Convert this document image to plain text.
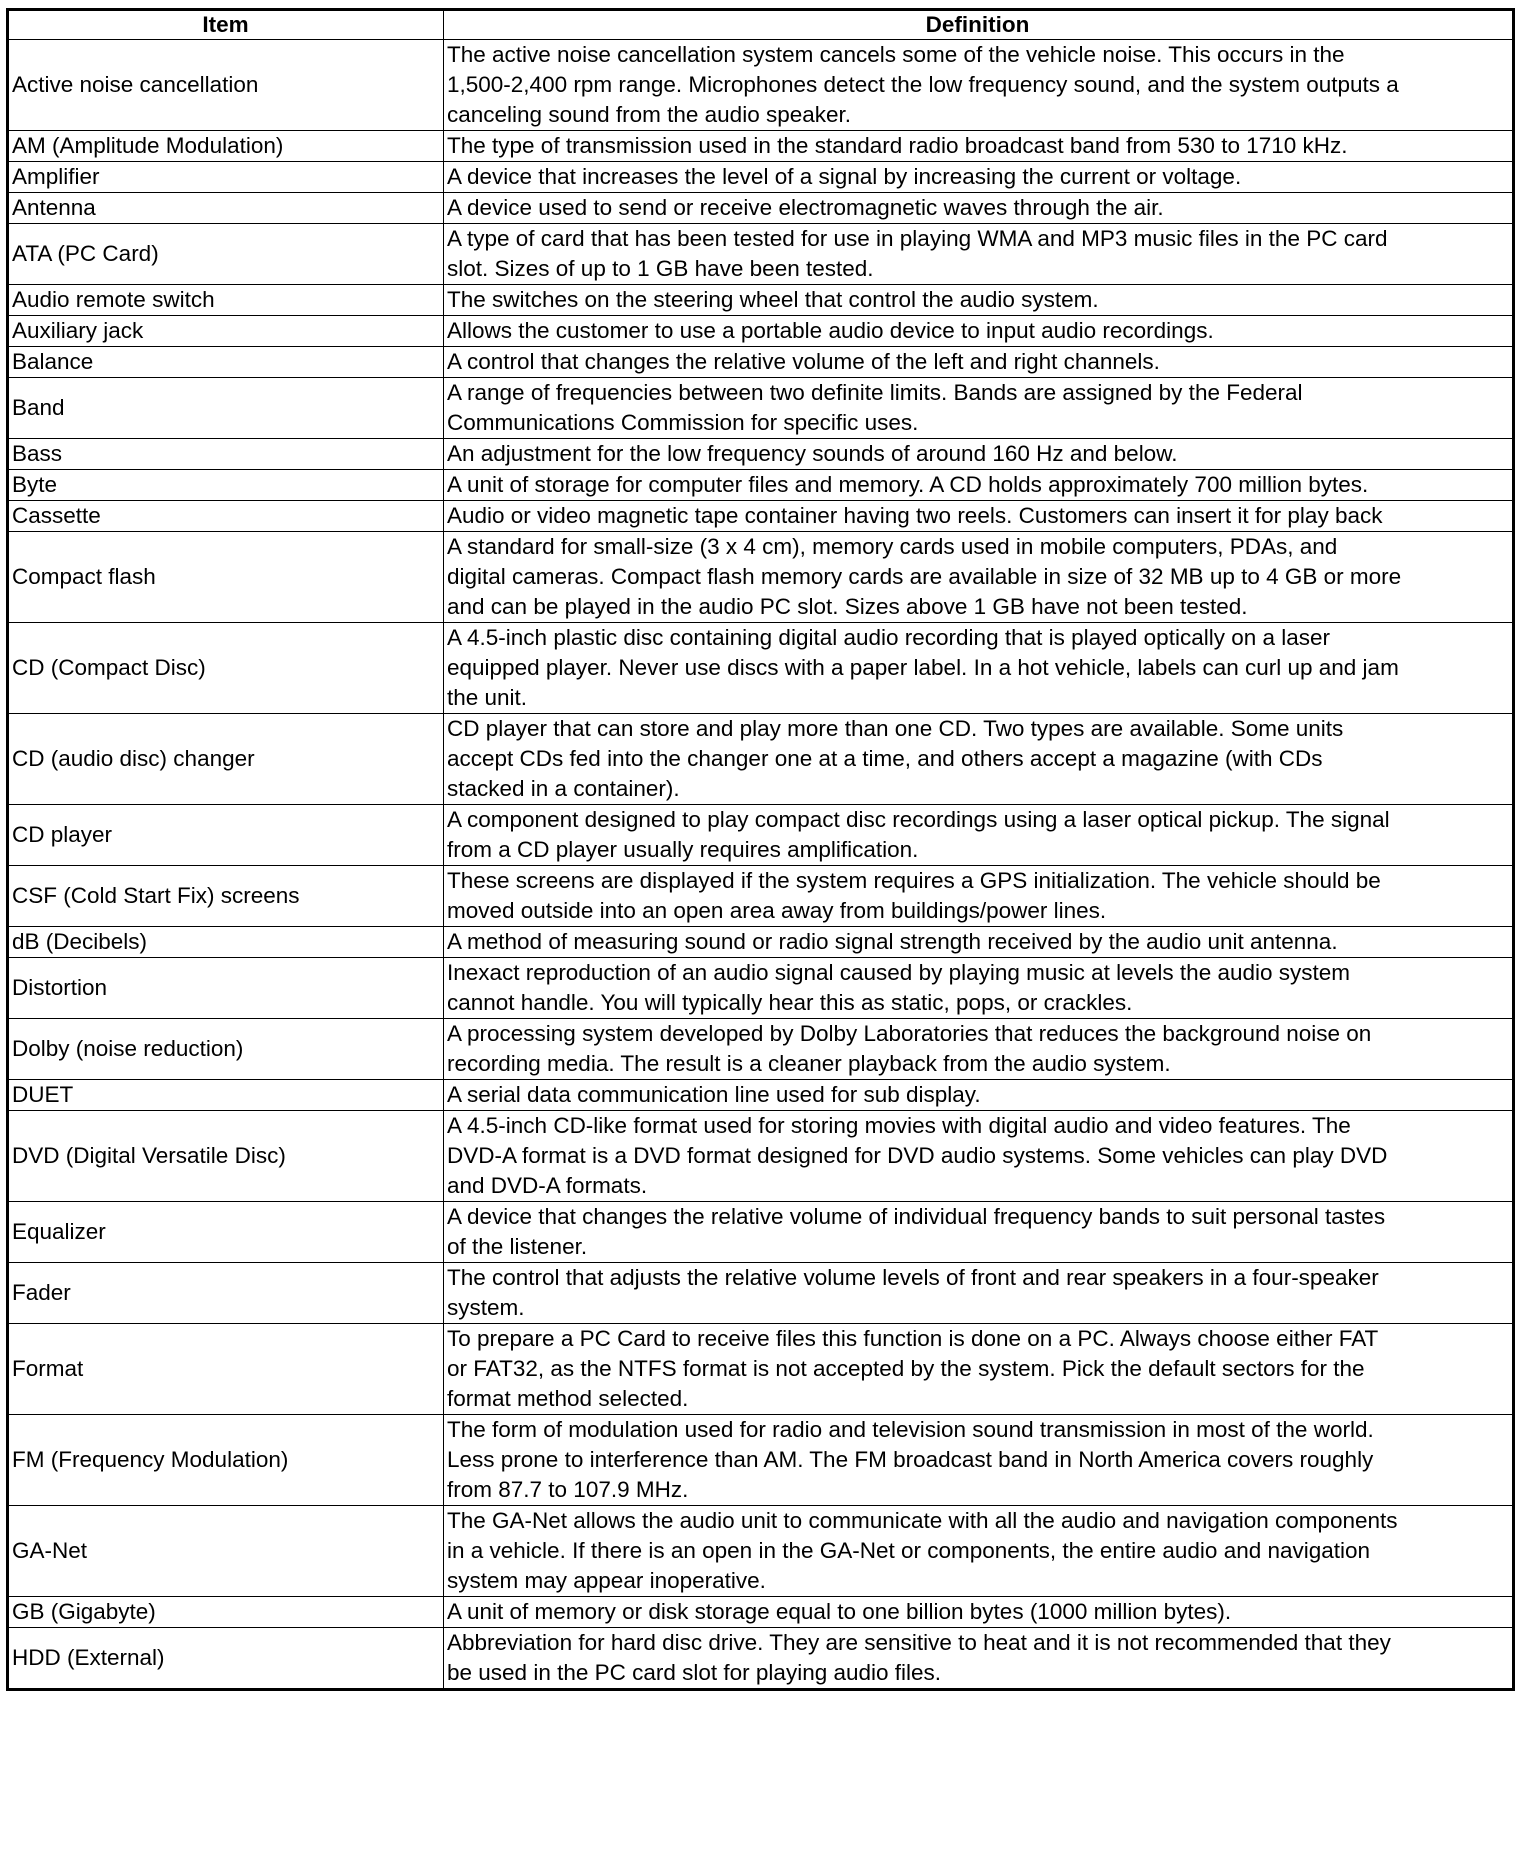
Item	Definition
Active noise cancellation	The active noise cancellation system cancels some of the vehicle noise. This occurs in the
1,500-2,400 rpm range. Microphones detect the low frequency sound, and the system outputs a
canceling sound from the audio speaker.
AM (Amplitude Modulation)	The type of transmission used in the standard radio broadcast band from 530 to 1710 kHz.
Amplifier	A device that increases the level of a signal by increasing the current or voltage.
Antenna	A device used to send or receive electromagnetic waves through the air.
ATA (PC Card)	A type of card that has been tested for use in playing WMA and MP3 music files in the PC card
slot. Sizes of up to 1 GB have been tested.
Audio remote switch	The switches on the steering wheel that control the audio system.
Auxiliary jack	Allows the customer to use a portable audio device to input audio recordings.
Balance	A control that changes the relative volume of the left and right channels.
Band	A range of frequencies between two definite limits. Bands are assigned by the Federal
Communications Commission for specific uses.
Bass	An adjustment for the low frequency sounds of around 160 Hz and below.
Byte	A unit of storage for computer files and memory. A CD holds approximately 700 million bytes.
Cassette	Audio or video magnetic tape container having two reels. Customers can insert it for play back
Compact flash	A standard for small-size (3 x 4 cm), memory cards used in mobile computers, PDAs, and
digital cameras. Compact flash memory cards are available in size of 32 MB up to 4 GB or more
and can be played in the audio PC slot. Sizes above 1 GB have not been tested.
CD (Compact Disc)	A 4.5-inch plastic disc containing digital audio recording that is played optically on a laser
equipped player. Never use discs with a paper label. In a hot vehicle, labels can curl up and jam
the unit.
CD (audio disc) changer	CD player that can store and play more than one CD. Two types are available. Some units
accept CDs fed into the changer one at a time, and others accept a magazine (with CDs
stacked in a container).
CD player	A component designed to play compact disc recordings using a laser optical pickup. The signal
from a CD player usually requires amplification.
CSF (Cold Start Fix) screens	These screens are displayed if the system requires a GPS initialization. The vehicle should be
moved outside into an open area away from buildings/power lines.
dB (Decibels)	A method of measuring sound or radio signal strength received by the audio unit antenna.
Distortion	Inexact reproduction of an audio signal caused by playing music at levels the audio system
cannot handle. You will typically hear this as static, pops, or crackles.
Dolby (noise reduction)	A processing system developed by Dolby Laboratories that reduces the background noise on
recording media. The result is a cleaner playback from the audio system.
DUET	A serial data communication line used for sub display.
DVD (Digital Versatile Disc)	A 4.5-inch CD-like format used for storing movies with digital audio and video features. The
DVD-A format is a DVD format designed for DVD audio systems. Some vehicles can play DVD
and DVD-A formats.
Equalizer	A device that changes the relative volume of individual frequency bands to suit personal tastes
of the listener.
Fader	The control that adjusts the relative volume levels of front and rear speakers in a four-speaker
system.
Format	To prepare a PC Card to receive files this function is done on a PC. Always choose either FAT
or FAT32, as the NTFS format is not accepted by the system. Pick the default sectors for the
format method selected.
FM (Frequency Modulation)	The form of modulation used for radio and television sound transmission in most of the world.
Less prone to interference than AM. The FM broadcast band in North America covers roughly
from 87.7 to 107.9 MHz.
GA-Net	The GA-Net allows the audio unit to communicate with all the audio and navigation components
in a vehicle. If there is an open in the GA-Net or components, the entire audio and navigation
system may appear inoperative.
GB (Gigabyte)	A unit of memory or disk storage equal to one billion bytes (1000 million bytes).
HDD (External)	Abbreviation for hard disc drive. They are sensitive to heat and it is not recommended that they
be used in the PC card slot for playing audio files.
